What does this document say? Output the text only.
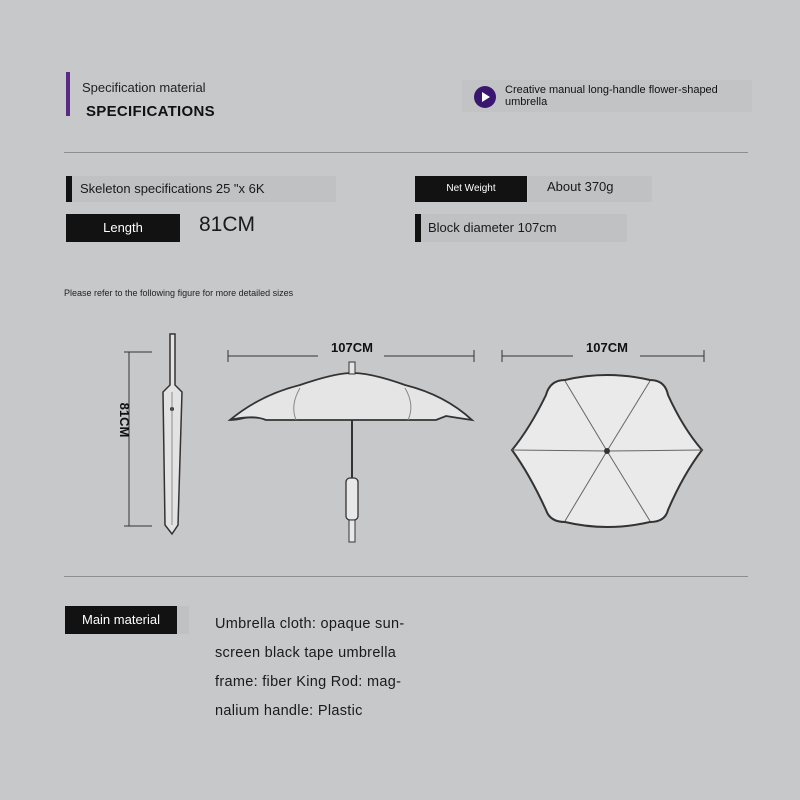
Specification material
SPECIFICATIONS
Creative manual long-handle flower-shaped umbrella
Skeleton specifications 25 "x 6K	Net Weight	About 370g
Length	81CM	Block diameter 107cm
Please refer to the following figure for more detailed sizes
81CM
107CM	107CM
Main material	Umbrella cloth: opaque sun-
screen black tape umbrella
frame: fiber King Rod: mag-
nalium handle: Plastic
